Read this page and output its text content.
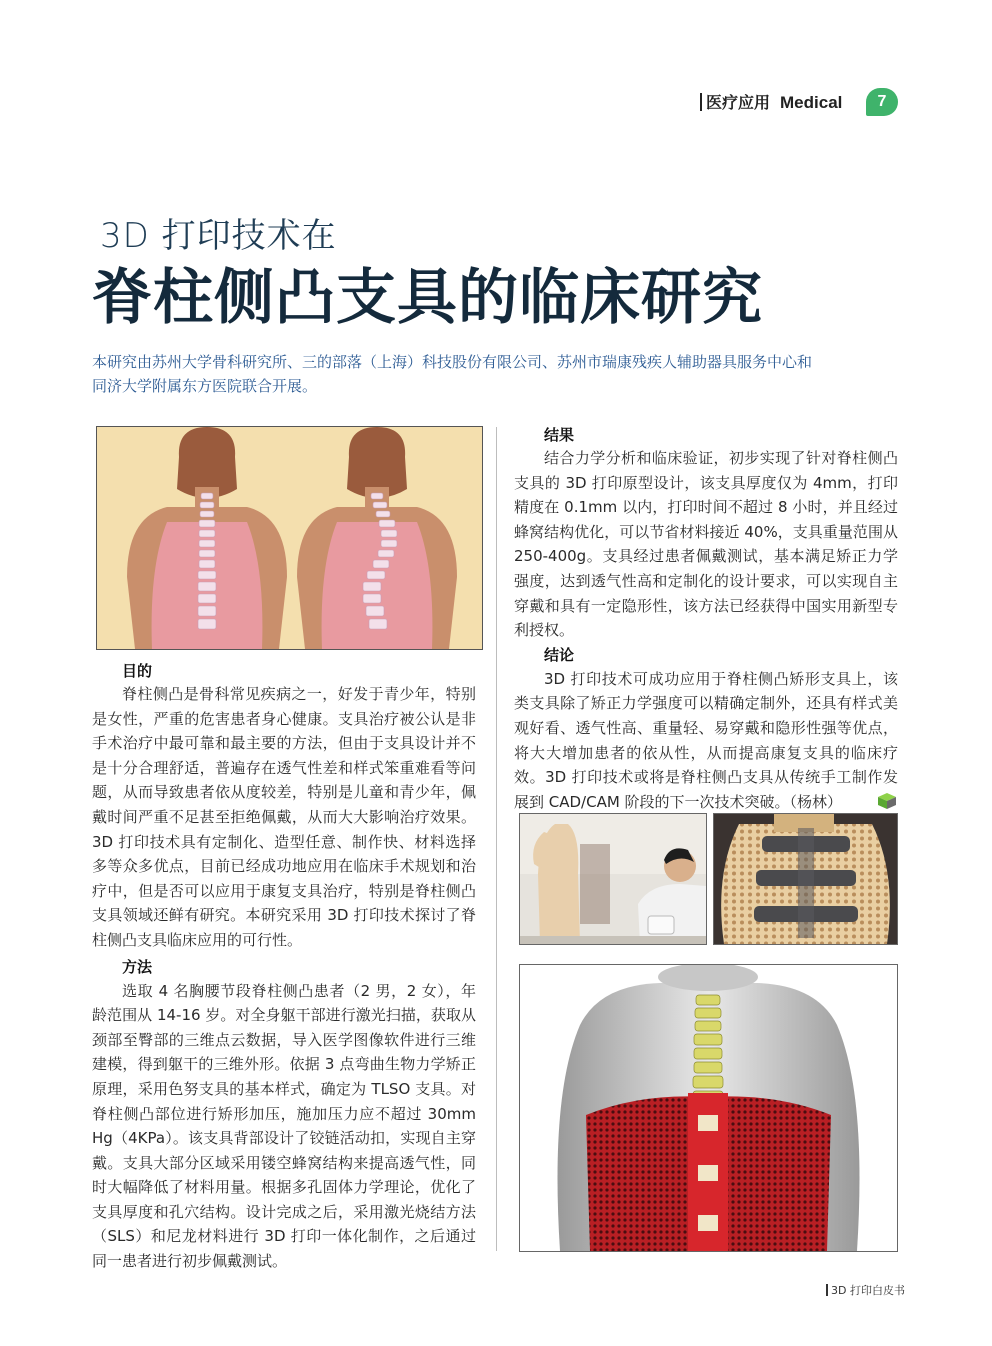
医疗应用 Medical	7
3D 打印技术在
脊柱侧凸支具的临床研究
本研究由苏州大学骨科研究所、三的部落（上海）科技股份有限公司、苏州市瑞康残疾人辅助器具服务中心和同济大学附属东方医院联合开展。
目的
脊柱侧凸是骨科常见疾病之一，好发于青少年，特别是女性，严重的危害患者身心健康。支具治疗被公认是非手术治疗中最可靠和最主要的方法，但由于支具设计并不是十分合理舒适，普遍存在透气性差和样式笨重难看等问题，从而导致患者依从度较差，特别是儿童和青少年，佩戴时间严重不足甚至拒绝佩戴，从而大大影响治疗效果。3D 打印技术具有定制化、造型任意、制作快、材料选择多等众多优点，目前已经成功地应用在临床手术规划和治疗中，但是否可以应用于康复支具治疗，特别是脊柱侧凸支具领域还鲜有研究。本研究采用 3D 打印技术探讨了脊柱侧凸支具临床应用的可行性。
方法
选取 4 名胸腰节段脊柱侧凸患者（2 男，2 女），年龄范围从 14-16 岁。对全身躯干部进行激光扫描，获取从颈部至臀部的三维点云数据，导入医学图像软件进行三维建模，得到躯干的三维外形。依据 3 点弯曲生物力学矫正原理，采用色努支具的基本样式，确定为 TLSO 支具。对脊柱侧凸部位进行矫形加压，施加压力应不超过 30mm Hg（4KPa）。该支具背部设计了铰链活动扣，实现自主穿戴。支具大部分区域采用镂空蜂窝结构来提高透气性，同时大幅降低了材料用量。根据多孔固体力学理论，优化了支具厚度和孔穴结构。设计完成之后，采用激光烧结方法（SLS）和尼龙材料进行 3D 打印一体化制作，之后通过同一患者进行初步佩戴测试。
结果
结合力学分析和临床验证，初步实现了针对脊柱侧凸支具的 3D 打印原型设计，该支具厚度仅为 4mm，打印精度在 0.1mm 以内，打印时间不超过 8 小时，并且经过蜂窝结构优化，可以节省材料接近 40%，支具重量范围从 250-400g。支具经过患者佩戴测试，基本满足矫正力学强度，达到透气性高和定制化的设计要求，可以实现自主穿戴和具有一定隐形性，该方法已经获得中国实用新型专利授权。
结论
3D 打印技术可成功应用于脊柱侧凸矫形支具上，该类支具除了矫正力学强度可以精确定制外，还具有样式美观好看、透气性高、重量轻、易穿戴和隐形性强等优点，将大大增加患者的依从性，从而提高康复支具的临床疗效。3D 打印技术或将是脊柱侧凸支具从传统手工制作发展到 CAD/CAM 阶段的下一次技术突破。（杨林）
3D 打印白皮书
